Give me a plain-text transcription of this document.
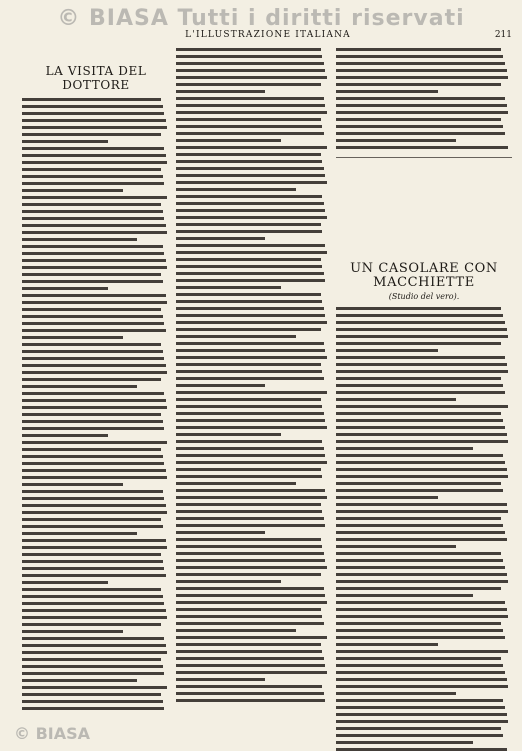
© BIASA Tutti i diritti riservati
L'ILLUSTRAZIONE ITALIANA	211
LA VISITA DEL DOTTORE
UN CASOLARE CON MACCHIETTE
(Studio del vero).
© BIASA
